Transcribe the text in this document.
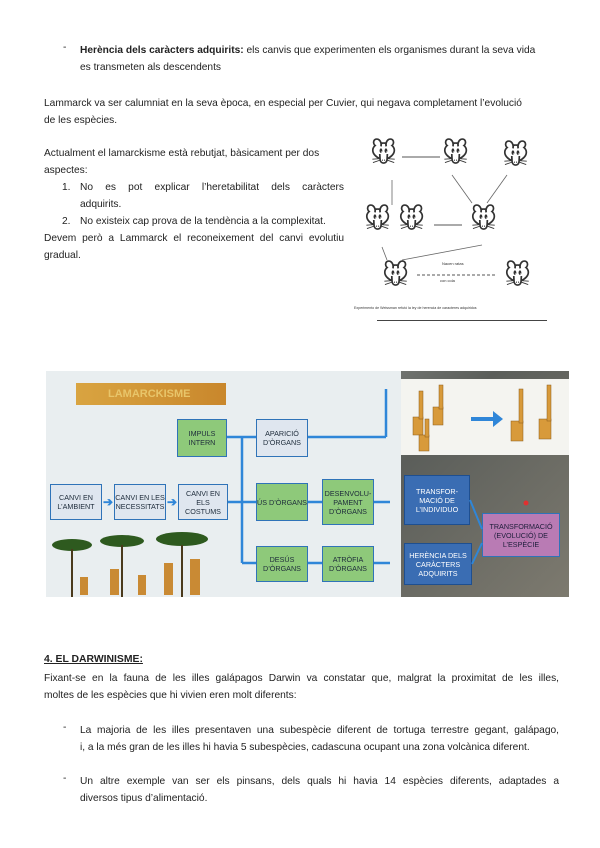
- Herència dels caràcters adquirits: els canvis que experimenten els organismes durant la seva vida
es transmeten als descendents
Lammarck va ser calumniat en la seva època, en especial per Cuvier, qui negava completament l’evolució
de les espècies.
Actualment el lamarckisme està rebutjat, bàsicament per dos
aspectes:
1. No es pot explicar l’heretabilitat dels caràcters
adquirits.
2. No existeix cap prova de la tendència a la complexitat.
Devem però a Lammarck el reconeixement del canvi evolutiu
gradual.
🐭 🐭 🐭
🐭 🐭 🐭
🐭	🐭
Nacen ratas
con cola
Experimento de Weissman refutó la ley de herencia de caracteres adquiridos
LAMARCKISME
CANVI EN L’AMBIENT ➔ CANVI EN LES NECESSITATS ➔
CANVI EN ELS COSTUMS
IMPULS INTERN
APARICIÓ D’ÒRGANS
ÚS D’ÒRGANS
DESENVOLU-PAMENT D’ÒRGANS
DESÚS D’ÒRGANS
ATRÒFIA D’ÒRGANS
TRANSFOR-MACIÓ DE L’INDIVIDUO
HERÈNCIA DELS CARÀCTERS ADQUIRITS
TRANSFORMACIÓ (EVOLUCIÓ) DE L’ESPÈCIE
4. EL DARWINISME:
Fixant-se en la fauna de les illes galápagos Darwin va constatar que, malgrat la proximitat de les illes,
moltes de les espècies que hi vivien eren molt diferents:
- La majoria de les illes presentaven una subespècie diferent de tortuga terrestre gegant, galápago,
i, a la més gran de les illes hi havia 5 subespècies, cadascuna ocupant una zona volcànica diferent.
- Un altre exemple van ser els pinsans, dels quals hi havia 14 espècies diferents, adaptades a
diversos tipus d’alimentació.
